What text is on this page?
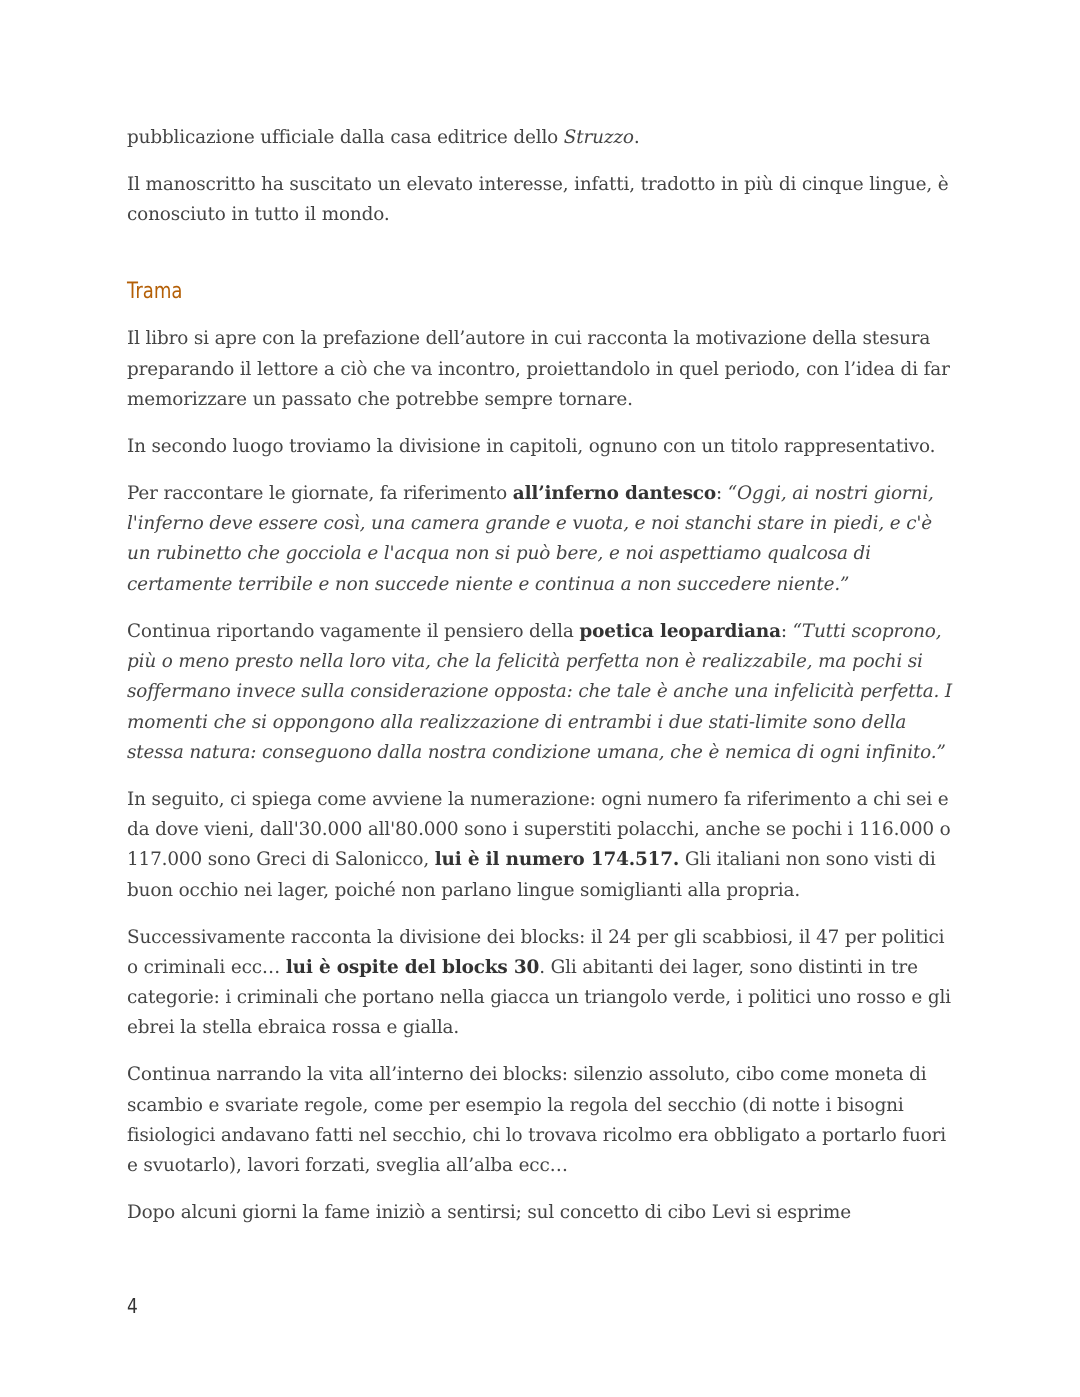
pubblicazione ufficiale dalla casa editrice dello Struzzo.

Il manoscritto ha suscitato un elevato interesse, infatti, tradotto in più di cinque lingue, è conosciuto in tutto il mondo.

Trama

Il libro si apre con la prefazione dell’autore in cui racconta la motivazione della stesura preparando il lettore a ciò che va incontro, proiettandolo in quel periodo, con l’idea di far memorizzare un passato che potrebbe sempre tornare.

In secondo luogo troviamo la divisione in capitoli, ognuno con un titolo rappresentativo.

Per raccontare le giornate, fa riferimento all’inferno dantesco: “Oggi, ai nostri giorni, l'inferno deve essere così, una camera grande e vuota, e noi stanchi stare in piedi, e c'è un rubinetto che gocciola e l'acqua non si può bere, e noi aspettiamo qualcosa di certamente terribile e non succede niente e continua a non succedere niente.”

Continua riportando vagamente il pensiero della poetica leopardiana: “Tutti scoprono, più o meno presto nella loro vita, che la felicità perfetta non è realizzabile, ma pochi si soffermano invece sulla considerazione opposta: che tale è anche una infelicità perfetta. I momenti che si oppongono alla realizzazione di entrambi i due stati-limite sono della stessa natura: conseguono dalla nostra condizione umana, che è nemica di ogni infinito.”

In seguito, ci spiega come avviene la numerazione: ogni numero fa riferimento a chi sei e da dove vieni, dall'30.000 all'80.000 sono i superstiti polacchi, anche se pochi i 116.000 o 117.000 sono Greci di Salonicco, lui è il numero 174.517. Gli italiani non sono visti di buon occhio nei lager, poiché non parlano lingue somiglianti alla propria.

Successivamente racconta la divisione dei blocks: il 24 per gli scabbiosi, il 47 per politici o criminali ecc… lui è ospite del blocks 30. Gli abitanti dei lager, sono distinti in tre categorie: i criminali che portano nella giacca un triangolo verde, i politici uno rosso e gli ebrei la stella ebraica rossa e gialla.

Continua narrando la vita all’interno dei blocks: silenzio assoluto, cibo come moneta di scambio e svariate regole, come per esempio la regola del secchio (di notte i bisogni fisiologici andavano fatti nel secchio, chi lo trovava ricolmo era obbligato a portarlo fuori e svuotarlo), lavori forzati, sveglia all’alba ecc…

Dopo alcuni giorni la fame iniziò a sentirsi; sul concetto di cibo Levi si esprime

4
